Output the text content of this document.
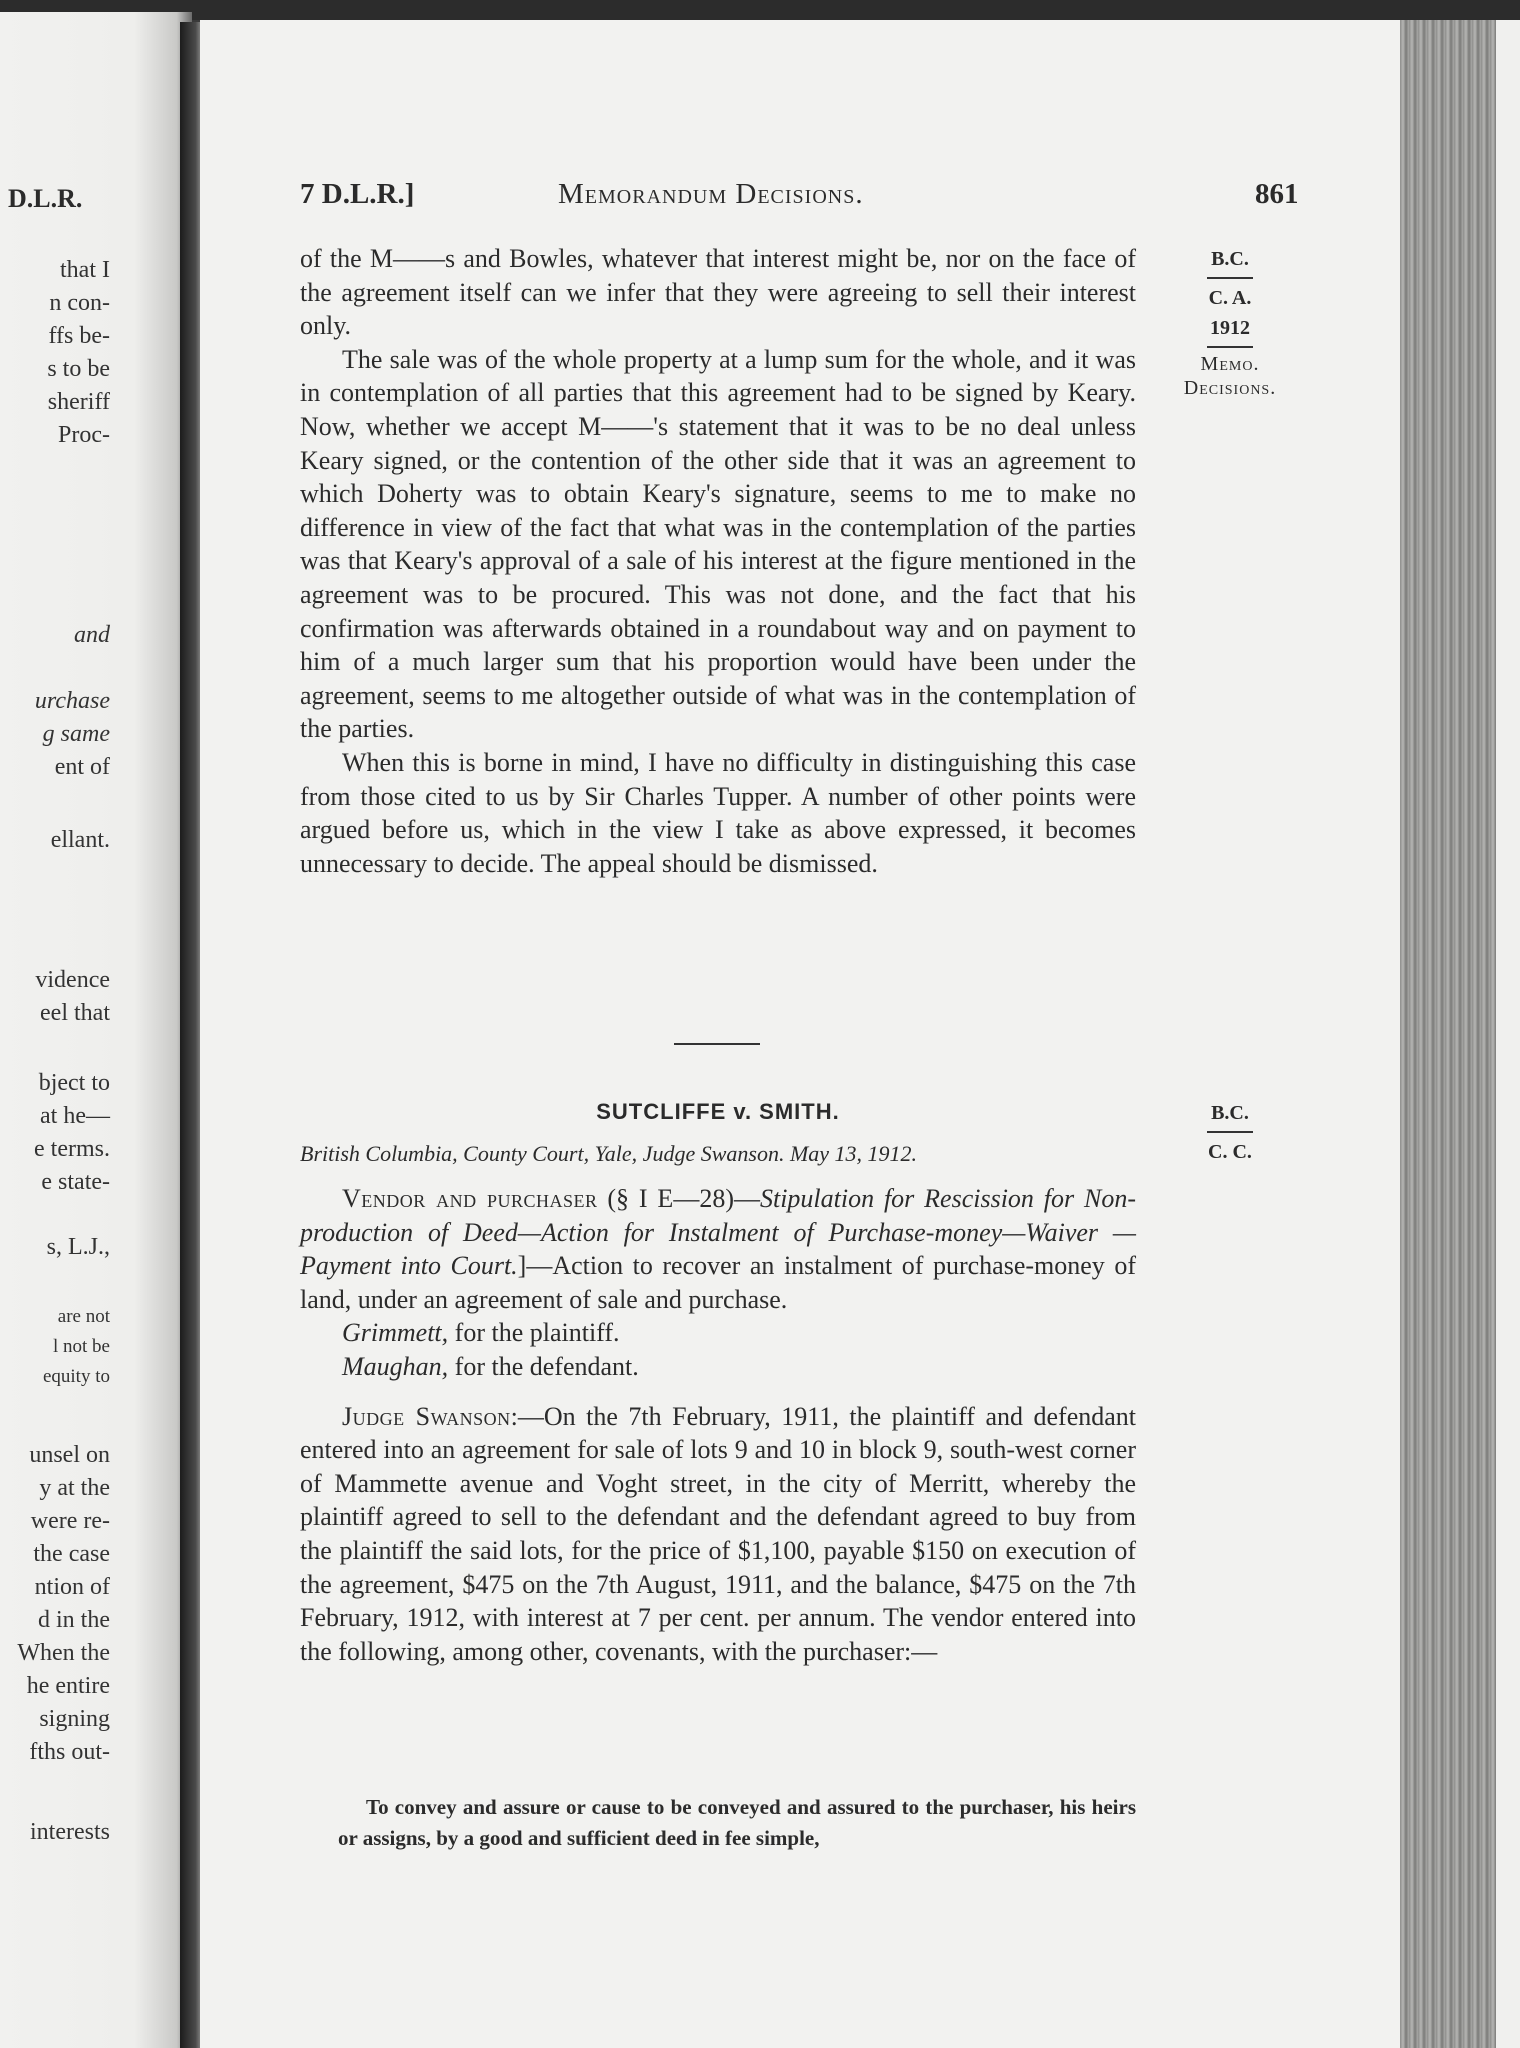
D.L.R.
that I
n con-
ffs be-
s to be
sheriff
Proc-
and
urchase
g same
ent of
ellant.
vidence
eel that
bject to
at he—
e terms.
e state-
s, L.J.,
are not
l not be
equity to
unsel on
y at the
were re-
the case
ntion of
d in the
When the
he entire
signing
fths out-
interests
7 D.L.R.]	Memorandum Decisions.	861
B.C.
C. A.
1912
Memo.
Decisions.

of the M——s and Bowles, whatever that interest might be, nor on the face of the agreement itself can we infer that they were agreeing to sell their interest only.

The sale was of the whole property at a lump sum for the whole, and it was in contemplation of all parties that this agreement had to be signed by Keary. Now, whether we accept M——'s statement that it was to be no deal unless Keary signed, or the contention of the other side that it was an agreement to which Doherty was to obtain Keary's signature, seems to me to make no difference in view of the fact that what was in the contemplation of the parties was that Keary's approval of a sale of his interest at the figure mentioned in the agreement was to be procured. This was not done, and the fact that his confirmation was afterwards obtained in a roundabout way and on payment to him of a much larger sum that his proportion would have been under the agreement, seems to me altogether outside of what was in the contemplation of the parties.

When this is borne in mind, I have no difficulty in distinguishing this case from those cited to us by Sir Charles Tupper. A number of other points were argued before us, which in the view I take as above expressed, it becomes unnecessary to decide. The appeal should be dismissed.

SUTCLIFFE v. SMITH.	B.C.
C. C.
British Columbia, County Court, Yale, Judge Swanson. May 13, 1912.

Vendor and purchaser (§ I E—28)—Stipulation for Rescission for Non-production of Deed—Action for Instalment of Purchase-money—Waiver — Payment into Court.]—Action to recover an instalment of purchase-money of land, under an agreement of sale and purchase.

Grimmett, for the plaintiff.

Maughan, for the defendant.

Judge Swanson:—On the 7th February, 1911, the plaintiff and defendant entered into an agreement for sale of lots 9 and 10 in block 9, south-west corner of Mammette avenue and Voght street, in the city of Merritt, whereby the plaintiff agreed to sell to the defendant and the defendant agreed to buy from the plaintiff the said lots, for the price of $1,100, payable $150 on execution of the agreement, $475 on the 7th August, 1911, and the balance, $475 on the 7th February, 1912, with interest at 7 per cent. per annum. The vendor entered into the following, among other, covenants, with the purchaser:—

To convey and assure or cause to be conveyed and assured to the purchaser, his heirs or assigns, by a good and sufficient deed in fee simple,
